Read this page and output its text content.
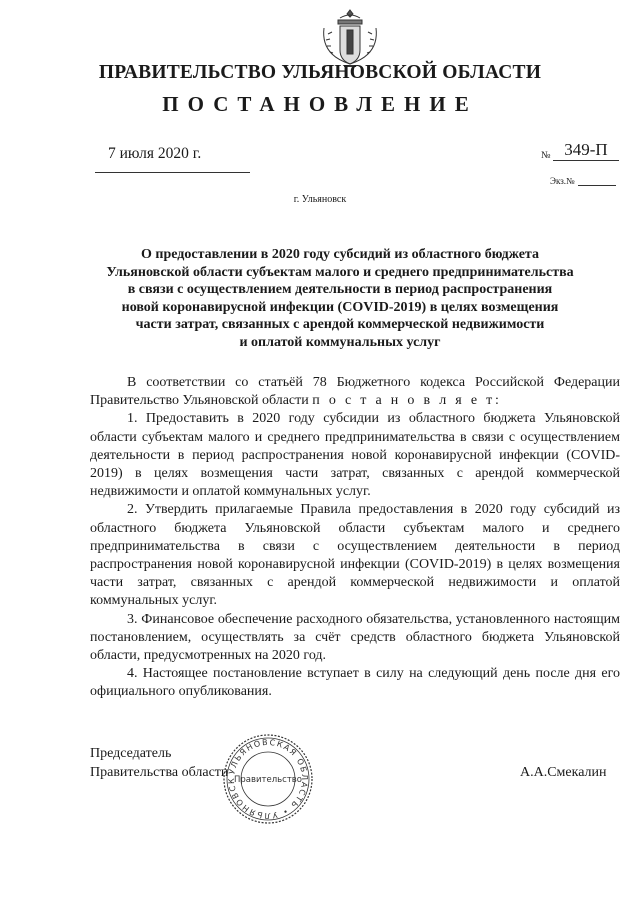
ПРАВИТЕЛЬСТВО УЛЬЯНОВСКОЙ ОБЛАСТИ
ПОСТАНОВЛЕНИЕ
7 июля 2020 г.	№ 349-П
Экз.№
г. Ульяновск
О предоставлении в 2020 году субсидий из областного бюджета
Ульяновской области субъектам малого и среднего предпринимательства
в связи с осуществлением деятельности в период распространения
новой коронавирусной инфекции (COVID-2019) в целях возмещения
части затрат, связанных с арендой коммерческой недвижимости
и оплатой коммунальных услуг

В соответствии со статьёй 78 Бюджетного кодекса Российской Федерации Правительство Ульяновской области п о с т а н о в л я е т:

1. Предоставить в 2020 году субсидии из областного бюджета Ульяновской области субъектам малого и среднего предпринимательства в связи с осуществлением деятельности в период распространения новой коронавирусной инфекции (COVID-2019) в целях возмещения части затрат, связанных с арендой коммерческой недвижимости и оплатой коммунальных услуг.

2. Утвердить прилагаемые Правила предоставления в 2020 году субсидий из областного бюджета Ульяновской области субъектам малого и среднего предпринимательства в связи с осуществлением деятельности в период распространения новой коронавирусной инфекции (COVID-2019) в целях возмещения части затрат, связанных с арендой коммерческой недвижимости и оплатой коммунальных услуг.

3. Финансовое обеспечение расходного обязательства, установленного настоящим постановлением, осуществлять за счёт средств областного бюджета Ульяновской области, предусмотренных на 2020 год.

4. Настоящее постановление вступает в силу на следующий день после дня его официального опубликования.

Председатель
Правительства области
УЛЬЯНОВСКАЯ ОБЛАСТЬ • УЛЬЯНОВСК
Правительство	А.А.Смекалин
